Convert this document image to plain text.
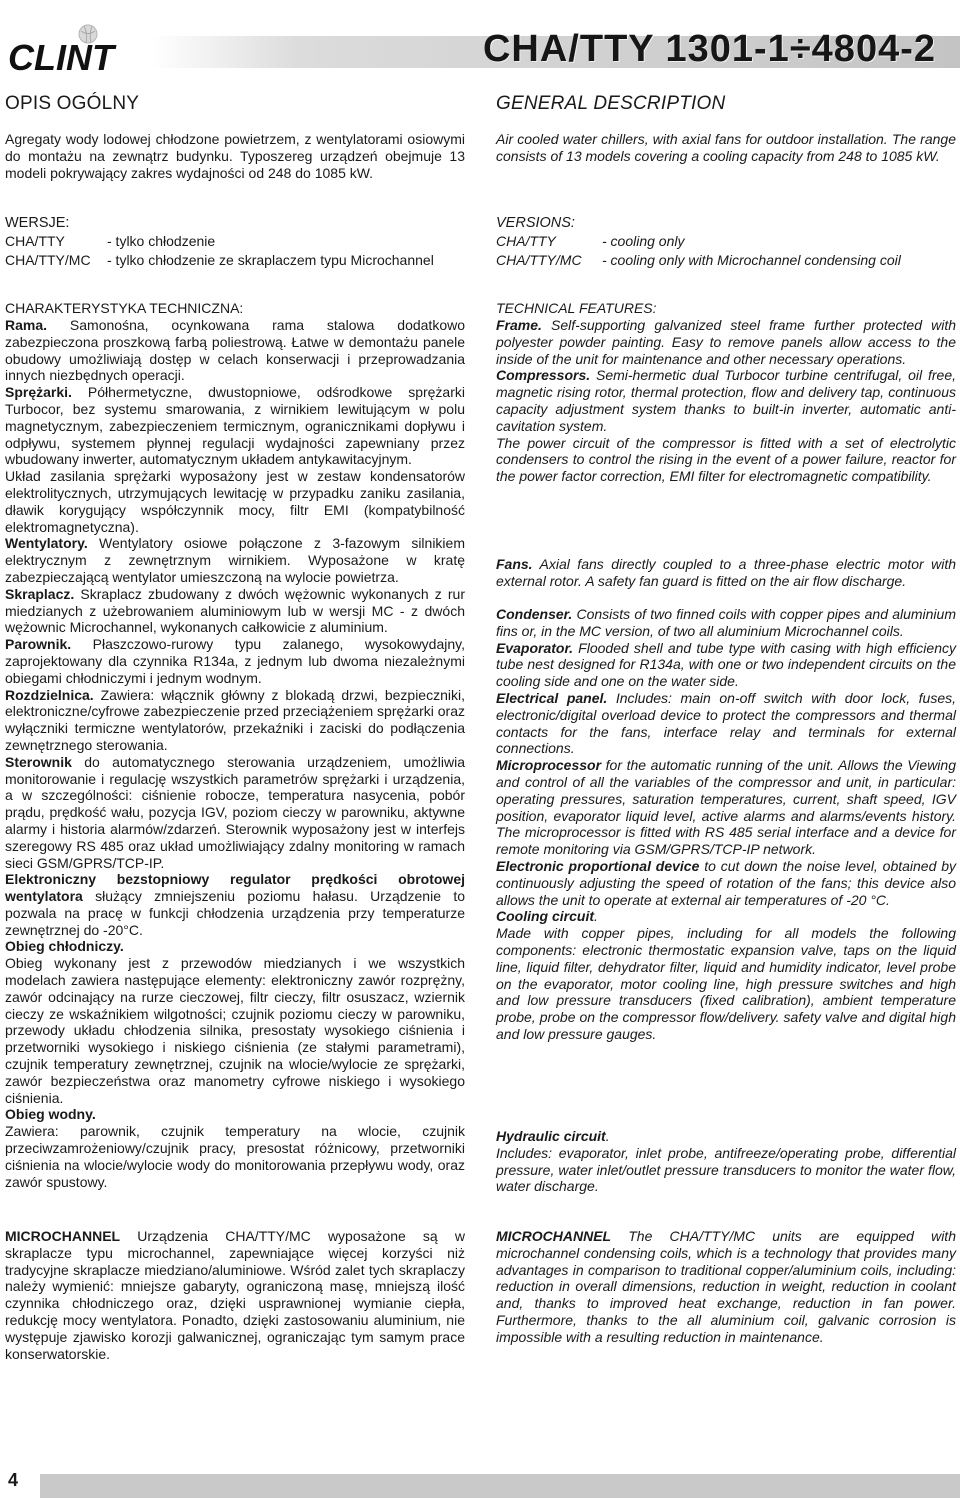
CLINT	CHA/TTY 1301-1÷4804-2
OPIS OGÓLNY

Agregaty wody lodowej chłodzone powietrzem, z wentylatorami osiowymi do montażu na zewnątrz budynku. Typoszereg urządzeń obejmuje 13 modeli pokrywający zakres wydajności od 248 do 1085 kW.

WERSJE:
CHA/TTY	- tylko chłodzenie
CHA/TTY/MC	- tylko chłodzenie ze skraplaczem typu Microchannel
CHARAKTERYSTYKA TECHNICZNA:

Rama. Samonośna, ocynkowana rama stalowa dodatkowo zabezpieczona proszkową farbą poliestrową. Łatwe w demontażu panele obudowy umożliwiają dostęp w celach konserwacji i przeprowadzania innych niezbędnych operacji.

Sprężarki. Półhermetyczne, dwustopniowe, odśrodkowe sprężarki Turbocor, bez systemu smarowania, z wirnikiem lewitującym w polu magnetycznym, zabezpieczeniem termicznym, ogranicznikami dopływu i odpływu, systemem płynnej regulacji wydajności zapewniany przez wbudowany inwerter, automatycznym układem antykawitacyjnym.

Układ zasilania sprężarki wyposażony jest w zestaw kondensatorów elektrolitycznych, utrzymujących lewitację w przypadku zaniku zasilania, dławik korygujący współczynnik mocy, filtr EMI (kompatybilność elektromagnetyczna).

Wentylatory. Wentylatory osiowe połączone z 3-fazowym silnikiem elektrycznym z zewnętrznym wirnikiem. Wyposażone w kratę zabezpieczającą wentylator umieszczoną na wylocie powietrza.

Skraplacz. Skraplacz zbudowany z dwóch wężownic wykonanych z rur miedzianych z użebrowaniem aluminiowym lub w wersji MC - z dwóch wężownic Microchannel, wykonanych całkowicie z aluminium.

Parownik. Płaszczowo-rurowy typu zalanego, wysokowydajny, zaprojektowany dla czynnika R134a, z jednym lub dwoma niezależnymi obiegami chłodniczymi i jednym wodnym.

Rozdzielnica. Zawiera: włącznik główny z blokadą drzwi, bezpieczniki, elektroniczne/cyfrowe zabezpieczenie przed przeciążeniem sprężarki oraz wyłączniki termiczne wentylatorów, przekaźniki i zaciski do podłączenia zewnętrznego sterowania.

Sterownik do automatycznego sterowania urządzeniem, umożliwia monitorowanie i regulację wszystkich parametrów sprężarki i urządzenia, a w szczególności: ciśnienie robocze, temperatura nasycenia, pobór prądu, prędkość wału, pozycja IGV, poziom cieczy w parowniku, aktywne alarmy i historia alarmów/zdarzeń. Sterownik wyposażony jest w interfejs szeregowy RS 485 oraz układ umożliwiający zdalny monitoring w ramach sieci GSM/GPRS/TCP-IP.

Elektroniczny bezstopniowy regulator prędkości obrotowej wentylatora służący zmniejszeniu poziomu hałasu. Urządzenie to pozwala na pracę w funkcji chłodzenia urządzenia przy temperaturze zewnętrznej do -20°C.

Obieg chłodniczy.

Obieg wykonany jest z przewodów miedzianych i we wszystkich modelach zawiera następujące elementy: elektroniczny zawór rozprężny, zawór odcinający na rurze cieczowej, filtr cieczy, filtr osuszacz, wziernik cieczy ze wskaźnikiem wilgotności; czujnik poziomu cieczy w parowniku, przewody układu chłodzenia silnika, presostaty wysokiego ciśnienia i przetworniki wysokiego i niskiego ciśnienia (ze stałymi parametrami), czujnik temperatury zewnętrznej, czujnik na wlocie/wylocie ze sprężarki, zawór bezpieczeństwa oraz manometry cyfrowe niskiego i wysokiego ciśnienia.

Obieg wodny.

Zawiera: parownik, czujnik temperatury na wlocie, czujnik przeciwzamrożeniowy/czujnik pracy, presostat różnicowy, przetworniki ciśnienia na wlocie/wylocie wody do monitorowania przepływu wody, oraz zawór spustowy.

MICROCHANNEL Urządzenia CHA/TTY/MC wyposażone są w skraplacze typu microchannel, zapewniające więcej korzyści niż tradycyjne skraplacze miedziano/aluminiowe. Wśród zalet tych skraplaczy należy wymienić: mniejsze gabaryty, ograniczoną masę, mniejszą ilość czynnika chłodniczego oraz, dzięki usprawnionej wymianie ciepła, redukcję mocy wentylatora. Ponadto, dzięki zastosowaniu aluminium, nie występuje zjawisko korozji galwanicznej, ograniczając tym samym prace konserwatorskie.

GENERAL DESCRIPTION

Air cooled water chillers, with axial fans for outdoor installation. The range consists of 13 models covering a cooling capacity from 248 to 1085 kW.

VERSIONS:
CHA/TTY	- cooling only
CHA/TTY/MC	- cooling only with Microchannel condensing coil
TECHNICAL FEATURES:

Frame. Self-supporting galvanized steel frame further protected with polyester powder painting. Easy to remove panels allow access to the inside of the unit for maintenance and other necessary operations.

Compressors. Semi-hermetic dual Turbocor turbine centrifugal, oil free, magnetic rising rotor, thermal protection, flow and delivery tap, continuous capacity adjustment system thanks to built-in inverter, automatic anti-cavitation system.

The power circuit of the compressor is fitted with a set of electrolytic condensers to control the rising in the event of a power failure, reactor for the power factor correction, EMI filter for electromagnetic compatibility.

Fans. Axial fans directly coupled to a three-phase electric motor with external rotor. A safety fan guard is fitted on the air flow discharge.

Condenser. Consists of two finned coils with copper pipes and aluminium fins or, in the MC version, of two all aluminium Microchannel coils.

Evaporator. Flooded shell and tube type with casing with high efficiency tube nest designed for R134a, with one or two independent circuits on the cooling side and one on the water side.

Electrical panel. Includes: main on-off switch with door lock, fuses, electronic/digital overload device to protect the compressors and thermal contacts for the fans, interface relay and terminals for external connections.

Microprocessor for the automatic running of the unit. Allows the Viewing and control of all the variables of the compressor and unit, in particular: operating pressures, saturation temperatures, current, shaft speed, IGV position, evaporator liquid level, active alarms and alarms/events history. The microprocessor is fitted with RS 485 serial interface and a device for remote monitoring via GSM/GPRS/TCP-IP network.

Electronic proportional device to cut down the noise level, obtained by continuously adjusting the speed of rotation of the fans; this device also allows the unit to operate at external air temperatures of -20 °C.

Cooling circuit.

Made with copper pipes, including for all models the following components: electronic thermostatic expansion valve, taps on the liquid line, liquid filter, dehydrator filter, liquid and humidity indicator, level probe on the evaporator, motor cooling line, high pressure switches and high and low pressure transducers (fixed calibration), ambient temperature probe, probe on the compressor flow/delivery. safety valve and digital high and low pressure gauges.

Hydraulic circuit.

Includes: evaporator, inlet probe, antifreeze/operating probe, differential pressure, water inlet/outlet pressure transducers to monitor the water flow, water discharge.

MICROCHANNEL The CHA/TTY/MC units are equipped with microchannel condensing coils, which is a technology that provides many advantages in comparison to traditional copper/aluminium coils, including: reduction in overall dimensions, reduction in weight, reduction in coolant and, thanks to improved heat exchange, reduction in fan power. Furthermore, thanks to the all aluminium coil, galvanic corrosion is impossible with a resulting reduction in maintenance.

4
